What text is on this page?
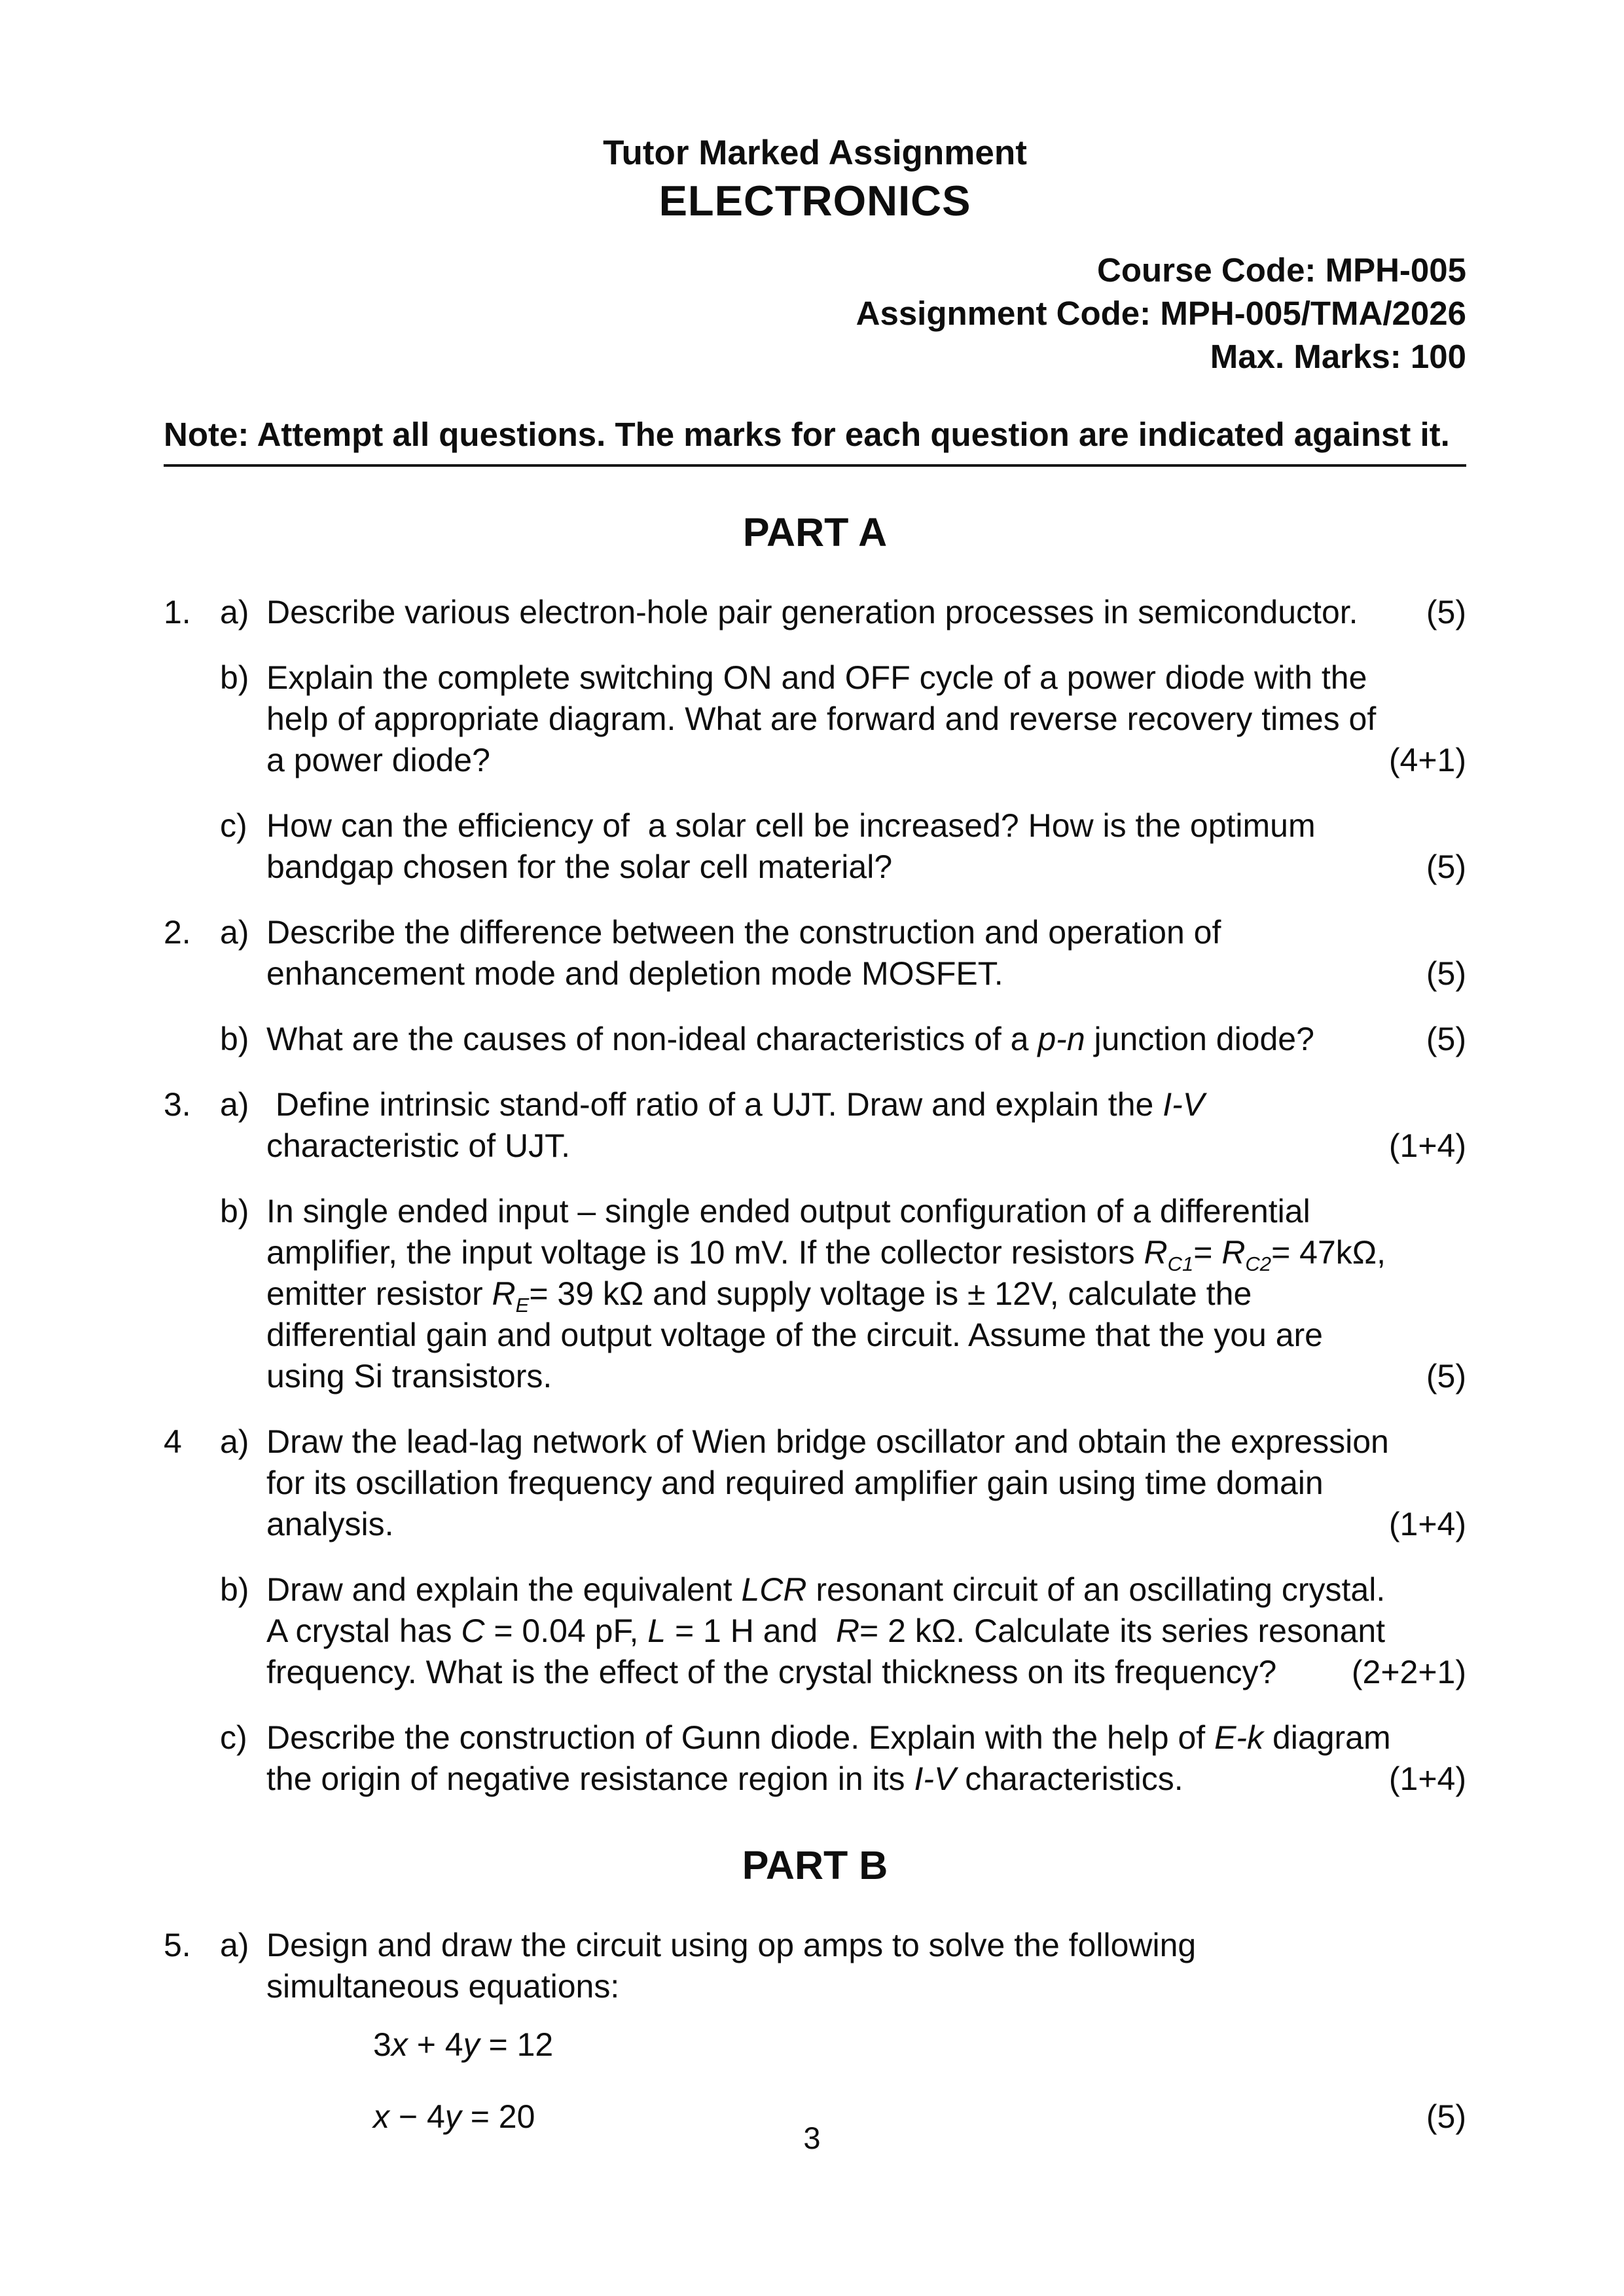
Tutor Marked Assignment
ELECTRONICS
Course Code: MPH-005
Assignment Code: MPH-005/TMA/2026
Max. Marks: 100
Note: Attempt all questions. The marks for each question are indicated against it.
PART A
1. a) Describe various electron-hole pair generation processes in semiconductor.	(5)
b) Explain the complete switching ON and OFF cycle of a power diode with the help of appropriate diagram. What are forward and reverse recovery times of a power diode?	(4+1)
c) How can the efficiency of  a solar cell be increased? How is the optimum bandgap chosen for the solar cell material?	(5)
2. a) Describe the difference between the construction and operation of enhancement mode and depletion mode MOSFET.	(5)
b) What are the causes of non-ideal characteristics of a p-n junction diode?	(5)
3. a) Define intrinsic stand-off ratio of a UJT. Draw and explain the I-V characteristic of UJT.	(1+4)
b) In single ended input – single ended output configuration of a differential amplifier, the input voltage is 10 mV. If the collector resistors $R_{C1}= R_{C2}= 47k\Omega$, emitter resistor $R_E= 39$ kΩ and supply voltage is ± 12V, calculate the differential gain and output voltage of the circuit. Assume that the you are using Si transistors.	(5)
4	a) Draw the lead-lag network of Wien bridge oscillator and obtain the expression for its oscillation frequency and required amplifier gain using time domain analysis.	(1+4)
b) Draw and explain the equivalent LCR resonant circuit of an oscillating crystal. A crystal has C = 0.04 pF, L = 1 H and  R= 2 kΩ. Calculate its series resonant frequency. What is the effect of the crystal thickness on its frequency?	(2+2+1)
c) Describe the construction of Gunn diode. Explain with the help of E-k diagram the origin of negative resistance region in its I-V characteristics.	(1+4)
PART B
5. a) Design and draw the circuit using op amps to solve the following simultaneous equations:
3x + 4y = 12
x − 4y = 20	(5)
3
